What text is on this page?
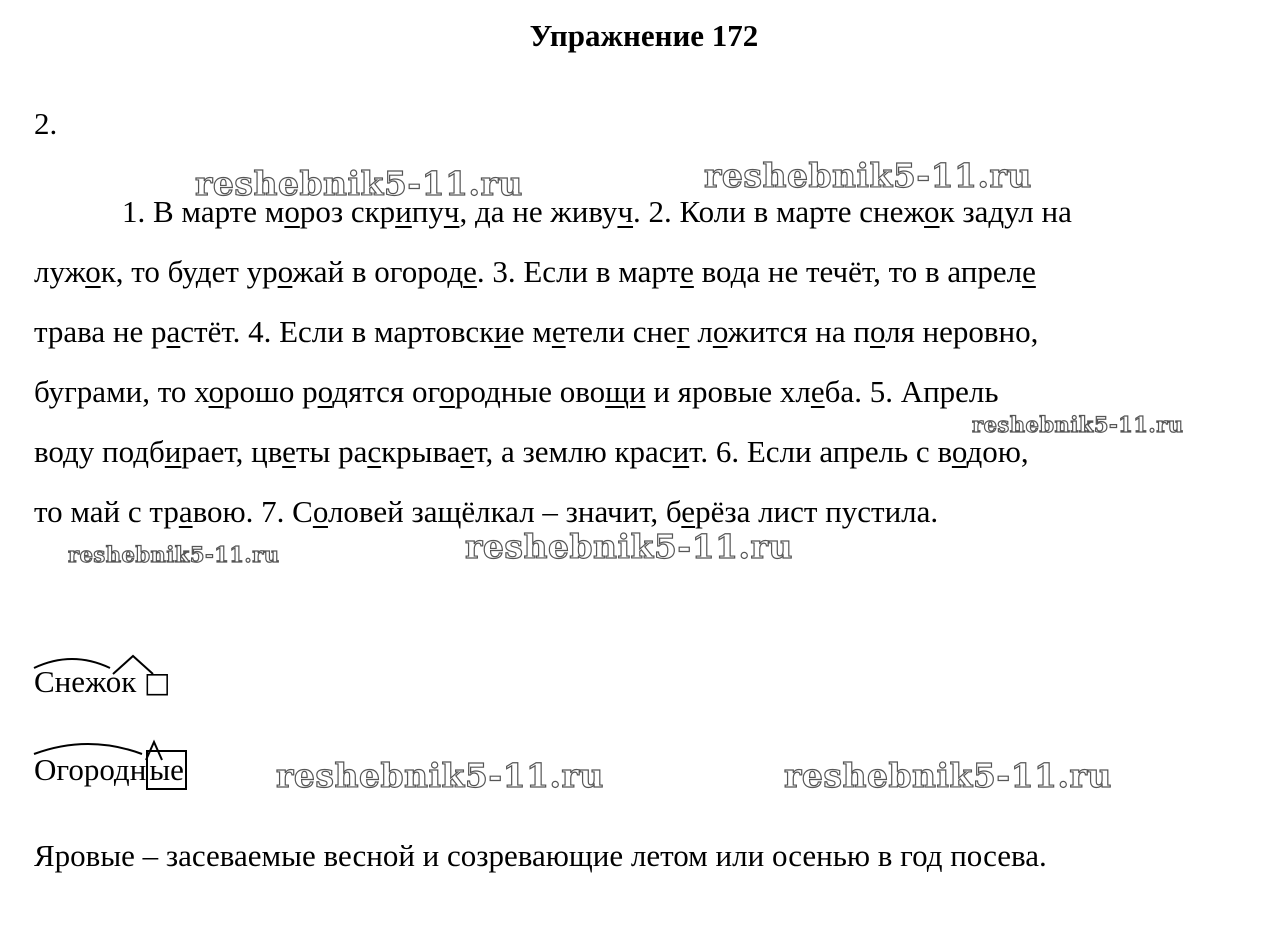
Упражнение 172
2.
reshebnik5-11.ru	reshebnik5-11.ru
reshebnik5-11.ru
reshebnik5-11.ru	reshebnik5-11.ru
reshebnik5-11.ru	reshebnik5-11.ru
1. В марте мороз скрипуч, да не живуч. 2. Коли в марте снежок задул на
лужок, то будет урожай в огороде. 3. Если в марте вода не течёт, то в апреле
трава не растёт. 4. Если в мартовские метели снег ложится на поля неровно,
буграми, то хорошо родятся огородные овощи и яровые хлеба. 5. Апрель
воду подбирает, цветы раскрывает, а землю красит. 6. Если апрель с водою,
то май с травою. 7. Соловей защёлкал – значит, берёза лист пустила.
Снежок □
Огородные
Яровые – засеваемые весной и созревающие летом или осенью в год посева.
